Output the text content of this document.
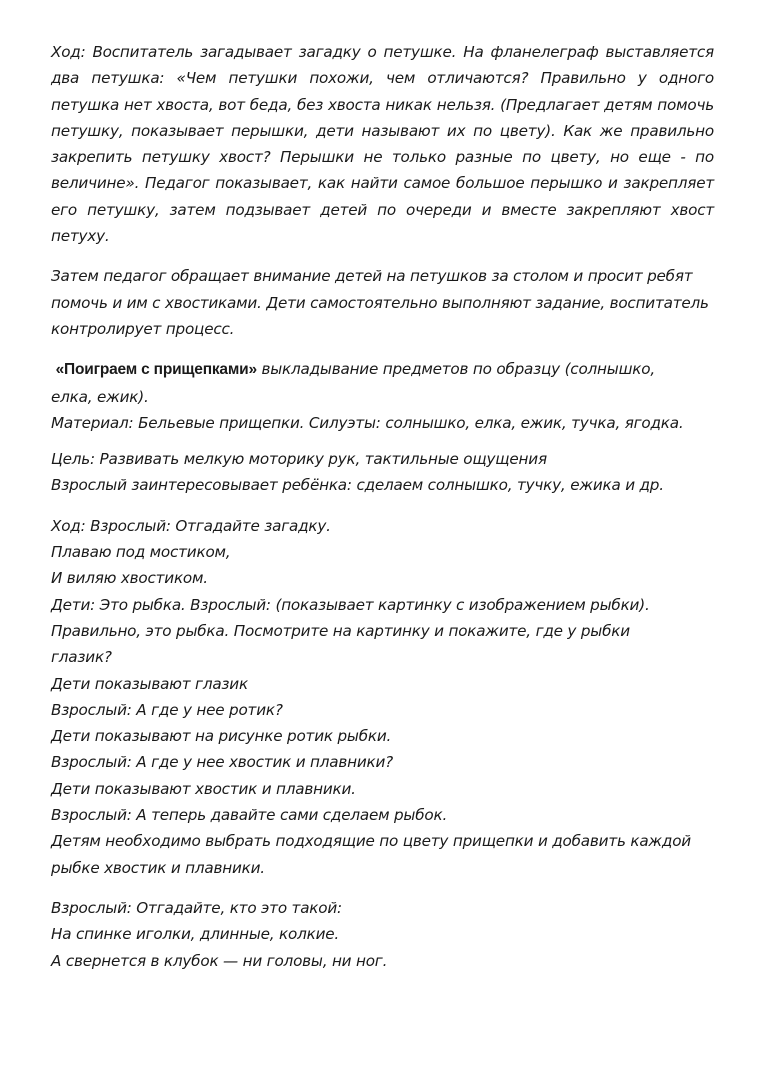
Ход: Воспитатель загадывает загадку о петушке. На фланелеграф выставляется два петушка: «Чем петушки похожи, чем отличаются? Правильно у одного петушка нет хвоста, вот беда, без хвоста никак нельзя. (Предлагает детям помочь петушку, показывает перышки, дети называют их по цвету). Как же правильно закрепить петушку хвост? Перышки не только разные по цвету, но еще - по величине». Педагог показывает, как найти самое большое перышко и закрепляет его петушку, затем подзывает детей по очереди и вместе закрепляют хвост петуху.

Затем педагог обращает внимание детей на петушков за столом и просит ребят помочь и им с хвостиками. Дети самостоятельно выполняют задание, воспитатель контролирует процесс.

«Поиграем с прищепками» выкладывание предметов по образцу (солнышко,
елка, ежик).
Материал: Бельевые прищепки. Силуэты: солнышко, елка, ежик, тучка, ягодка.
Цель: Развивать мелкую моторику рук, тактильные ощущения
Взрослый заинтересовывает ребёнка: сделаем солнышко, тучку, ежика и др.
Ход: Взрослый: Отгадайте загадку.
Плаваю под мостиком,
И виляю хвостиком.
Дети: Это рыбка. Взрослый: (показывает картинку с изображением рыбки).
Правильно, это рыбка. Посмотрите на картинку и покажите, где у рыбки
глазик?
Дети показывают глазик
Взрослый: А где у нее ротик?
Дети показывают на рисунке ротик рыбки.
Взрослый: А где у нее хвостик и плавники?
Дети показывают хвостик и плавники.
Взрослый: А теперь давайте сами сделаем рыбок.
Детям необходимо выбрать подходящие по цвету прищепки и добавить каждой
рыбке хвостик и плавники.
Взрослый: Отгадайте, кто это такой:
На спинке иголки, длинные, колкие.
А свернется в клубок — ни головы, ни ног.
